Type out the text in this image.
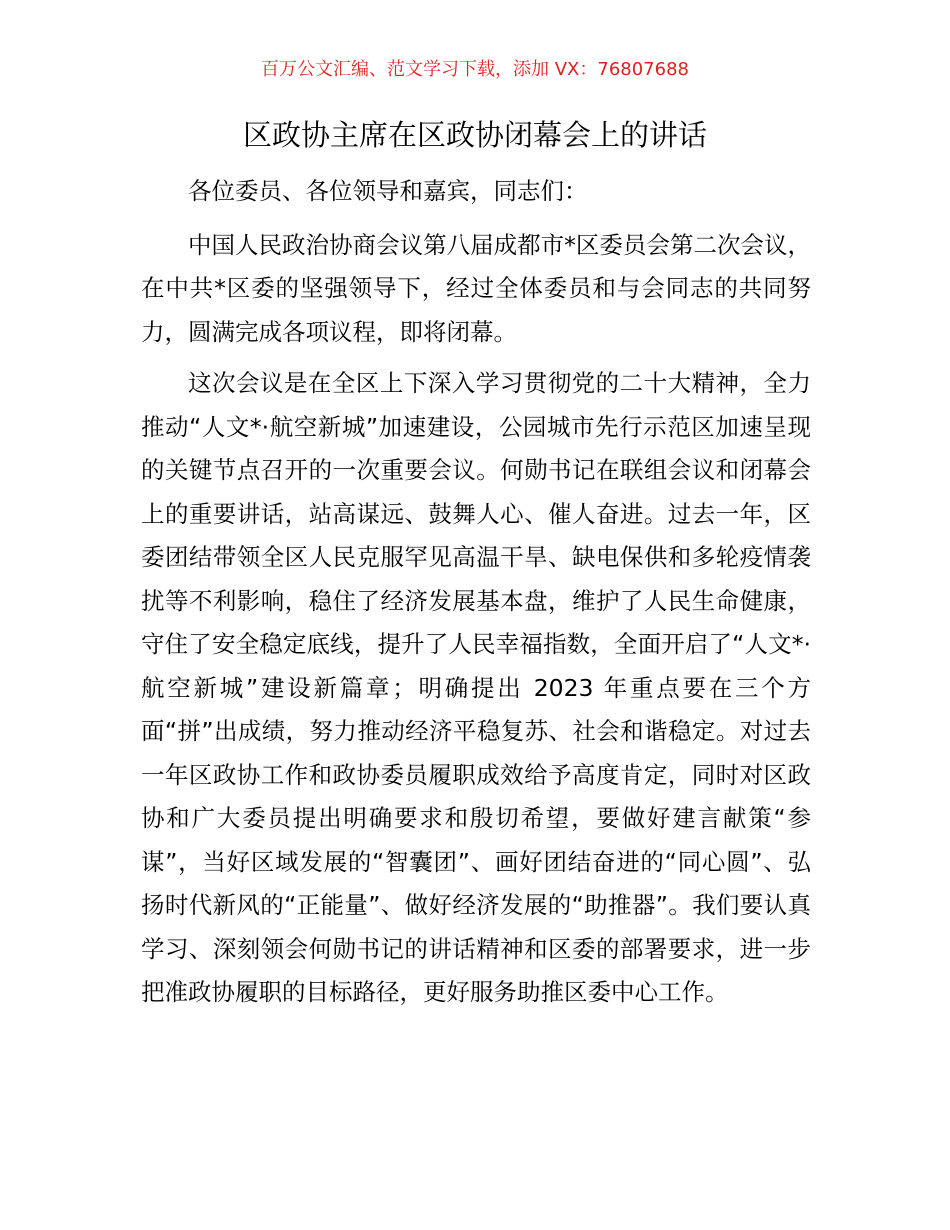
百万公文汇编、范文学习下载，添加 VX：76807688
区政协主席在区政协闭幕会上的讲话

各位委员、各位领导和嘉宾，同志们：

中国人民政治协商会议第八届成都市*区委员会第二次会议，在中共*区委的坚强领导下，经过全体委员和与会同志的共同努力，圆满完成各项议程，即将闭幕。

这次会议是在全区上下深入学习贯彻党的二十大精神，全力推动“人文*·航空新城”加速建设，公园城市先行示范区加速呈现的关键节点召开的一次重要会议。何勋书记在联组会议和闭幕会上的重要讲话，站高谋远、鼓舞人心、催人奋进。过去一年，区委团结带领全区人民克服罕见高温干旱、缺电保供和多轮疫情袭扰等不利影响，稳住了经济发展基本盘，维护了人民生命健康，守住了安全稳定底线，提升了人民幸福指数，全面开启了“人文*·航空新城”建设新篇章；明确提出 2023 年重点要在三个方面“拼”出成绩，努力推动经济平稳复苏、社会和谐稳定。对过去一年区政协工作和政协委员履职成效给予高度肯定，同时对区政协和广大委员提出明确要求和殷切希望，要做好建言献策“参谋”，当好区域发展的“智囊团”、画好团结奋进的“同心圆”、弘扬时代新风的“正能量”、做好经济发展的“助推器”。我们要认真学习、深刻领会何勋书记的讲话精神和区委的部署要求，进一步把准政协履职的目标路径，更好服务助推区委中心工作。
